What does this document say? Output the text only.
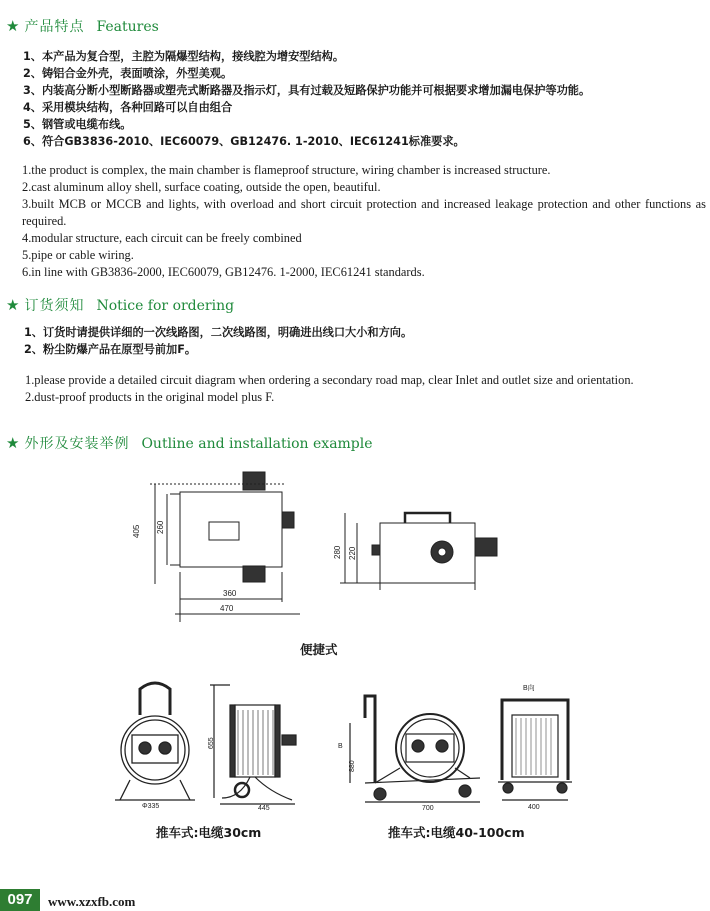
★ 产品特点 Features
1、本产品为复合型，主腔为隔爆型结构，接线腔为增安型结构。
2、铸铝合金外壳，表面喷涂，外型美观。
3、内装高分断小型断路器或塑壳式断路器及指示灯，具有过载及短路保护功能并可根据要求增加漏电保护等功能。
4、采用模块结构，各种回路可以自由组合
5、钢管或电缆布线。
6、符合GB3836-2010、IEC60079、GB12476. 1-2010、IEC61241标准要求。
1.the product is complex, the main chamber is flameproof structure, wiring chamber is increased structure.
2.cast aluminum alloy shell, surface coating, outside the open, beautiful.
3.built MCB or MCCB and lights, with overload and short circuit protection and increased leakage protection and other functions as required.
4.modular structure, each circuit can be freely combined
5.pipe or cable wiring.
6.in line with GB3836-2000, IEC60079, GB12476. 1-2000, IEC61241 standards.
★ 订货须知 Notice for ordering
1、订货时请提供详细的一次线路图，二次线路图，明确进出线口大小和方向。
2、粉尘防爆产品在原型号前加F。
1.please provide a detailed circuit diagram when ordering a secondary road map, clear Inlet and outlet size and orientation.
2.dust-proof products in the original model plus F.
★ 外形及安装举例 Outline and installation example
405 260
360
470
280 220
便捷式
Φ335
655
445
推车式:电缆30cm
B
880
700
B向
400
推车式:电缆40-100cm
097	www.xzxfb.com
